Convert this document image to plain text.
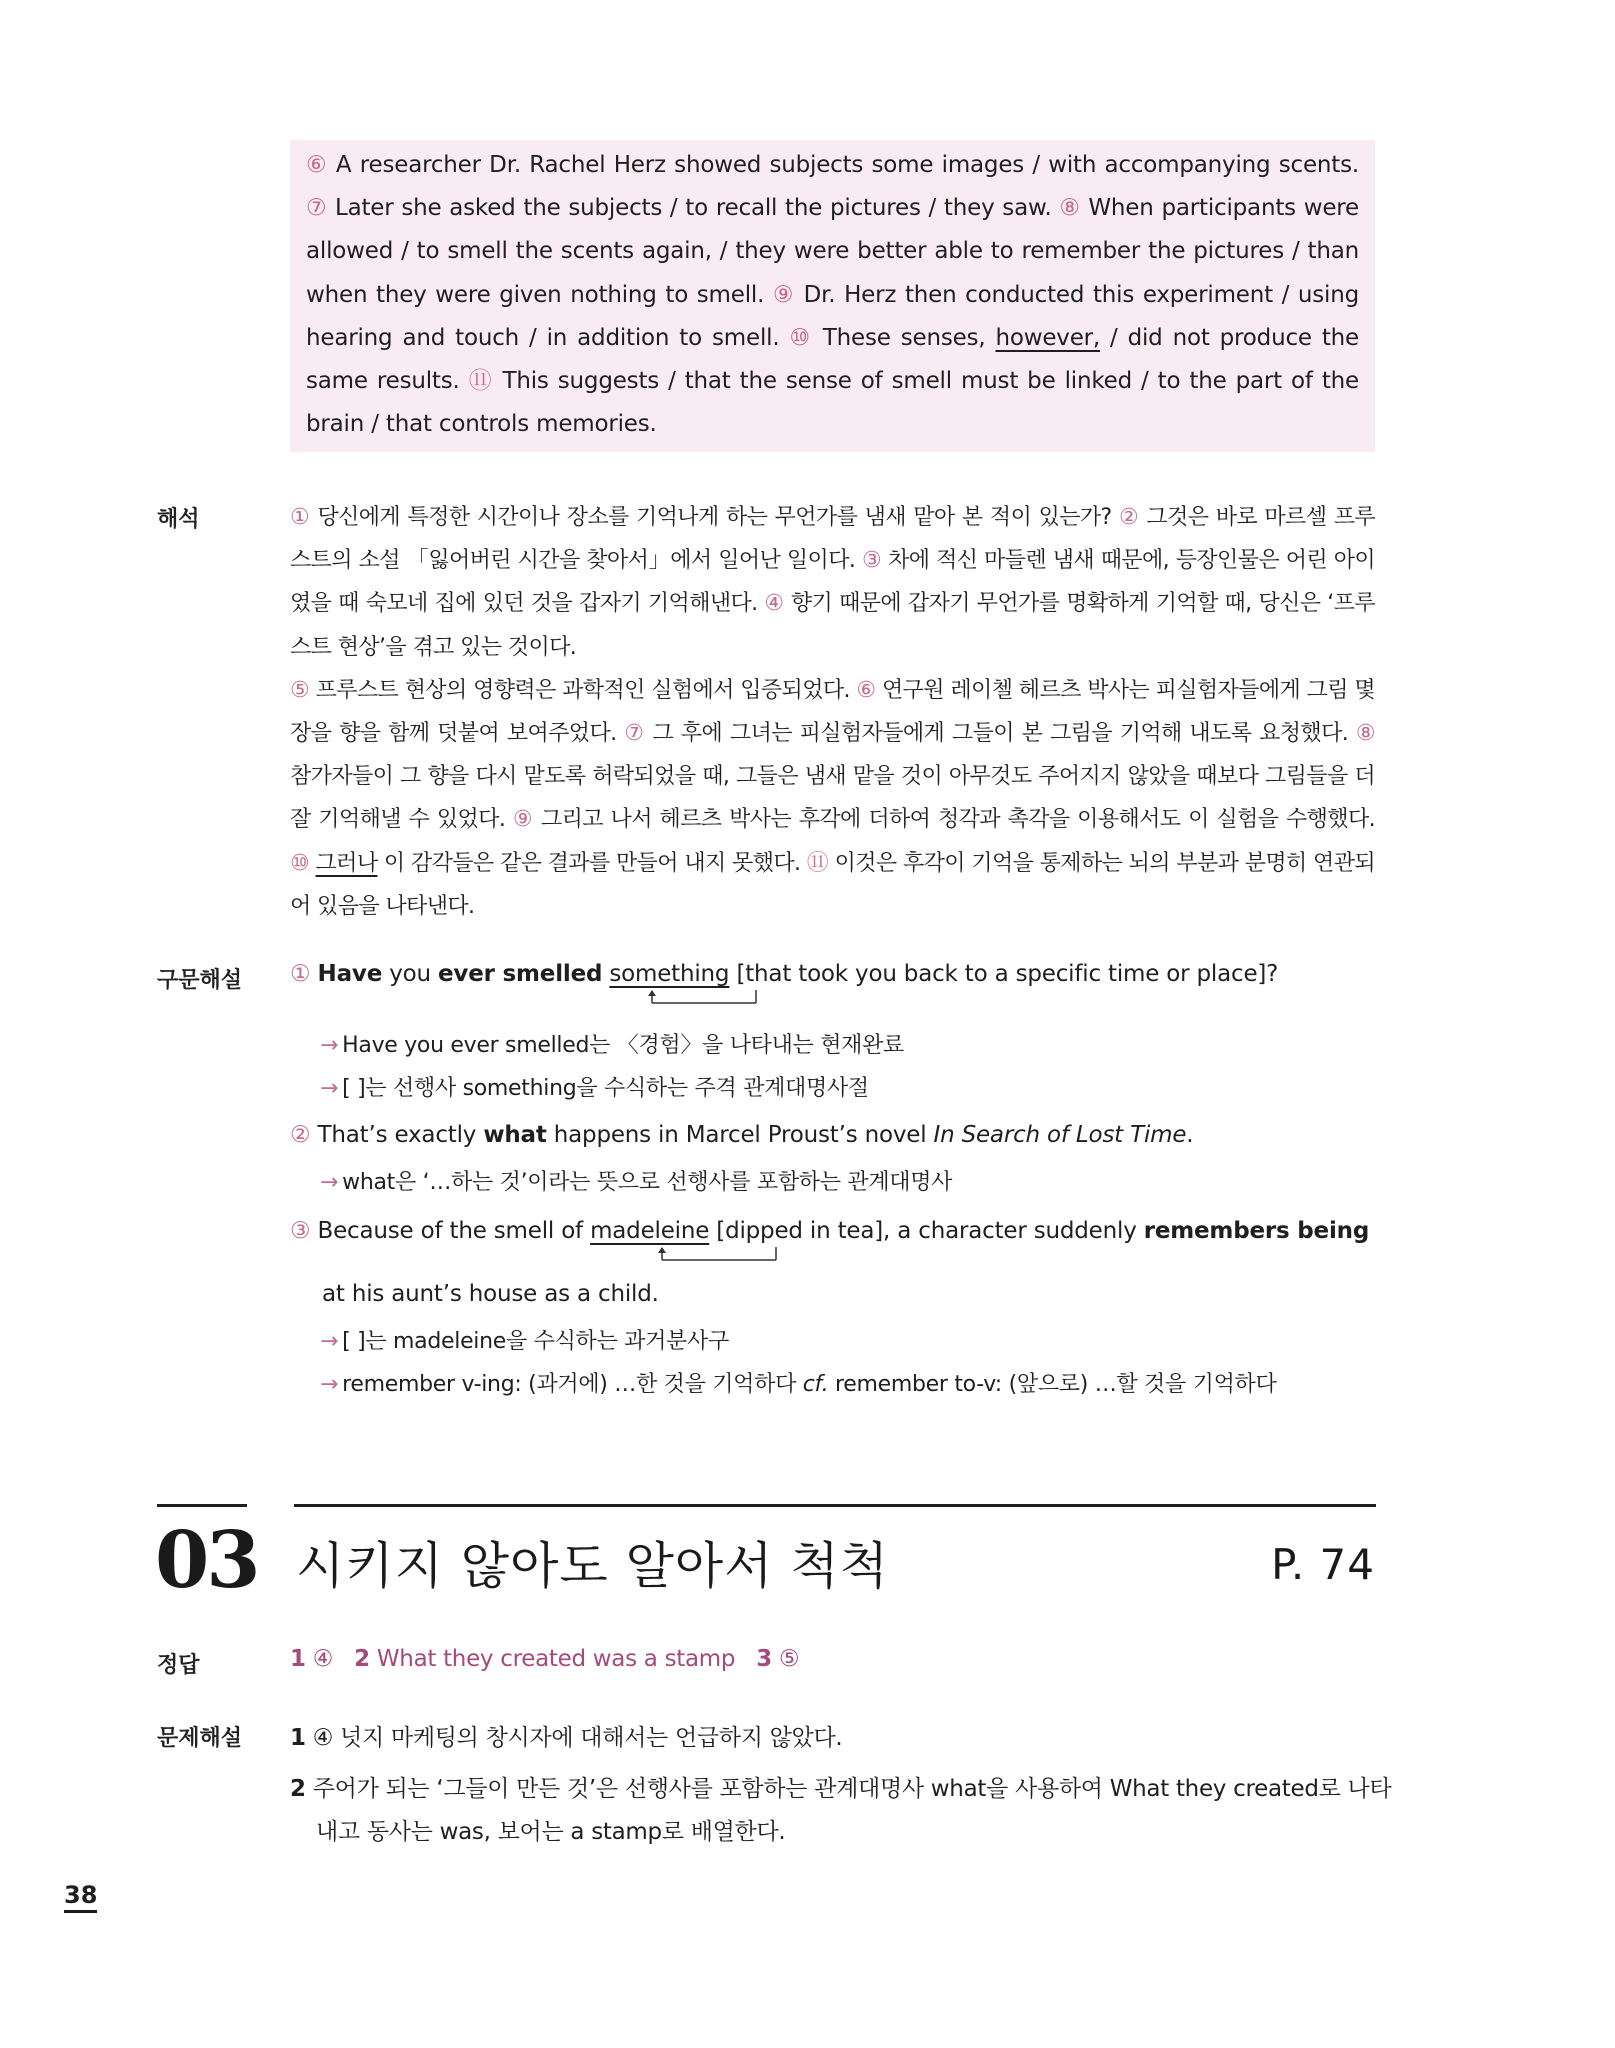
⑥ A researcher Dr. Rachel Herz showed subjects some images / with accompanying scents. ⑦ Later she asked the subjects / to recall the pictures / they saw. ⑧ When participants were allowed / to smell the scents again, / they were better able to remember the pictures / than when they were given nothing to smell. ⑨ Dr. Herz then conducted this experiment / using hearing and touch / in addition to smell. ⑩ These senses, however, / did not produce the same results. ⑪ This suggests / that the sense of smell must be linked / to the part of the brain / that controls memories.
해석	① 당신에게 특정한 시간이나 장소를 기억나게 하는 무언가를 냄새 맡아 본 적이 있는가? ② 그것은 바로 마르셀 프루스트의 소설 「잃어버린 시간을 찾아서」에서 일어난 일이다. ③ 차에 적신 마들렌 냄새 때문에, 등장인물은 어린 아이였을 때 숙모네 집에 있던 것을 갑자기 기억해낸다. ④ 향기 때문에 갑자기 무언가를 명확하게 기억할 때, 당신은 ‘프루스트 현상’을 겪고 있는 것이다.

⑤ 프루스트 현상의 영향력은 과학적인 실험에서 입증되었다. ⑥ 연구원 레이첼 헤르츠 박사는 피실험자들에게 그림 몇 장을 향을 함께 덧붙여 보여주었다. ⑦ 그 후에 그녀는 피실험자들에게 그들이 본 그림을 기억해 내도록 요청했다. ⑧ 참가자들이 그 향을 다시 맡도록 허락되었을 때, 그들은 냄새 맡을 것이 아무것도 주어지지 않았을 때보다 그림들을 더 잘 기억해낼 수 있었다. ⑨ 그리고 나서 헤르츠 박사는 후각에 더하여 청각과 촉각을 이용해서도 이 실험을 수행했다. ⑩ 그러나 이 감각들은 같은 결과를 만들어 내지 못했다. ⑪ 이것은 후각이 기억을 통제하는 뇌의 부분과 분명히 연관되어 있음을 나타낸다.

구문해설 ① Have you ever smelled something [that took you back to a specific time or place]?
→ Have you ever smelled는 〈경험〉을 나타내는 현재완료
→ [ ]는 선행사 something을 수식하는 주격 관계대명사절
② That’s exactly what happens in Marcel Proust’s novel In Search of Lost Time.
→ what은 ‘…하는 것’이라는 뜻으로 선행사를 포함하는 관계대명사
③ Because of the smell of madeleine [dipped in tea], a character suddenly remembers being
at his aunt’s house as a child.
→ [ ]는 madeleine을 수식하는 과거분사구
→ remember v-ing: (과거에) …한 것을 기억하다 cf. remember to-v: (앞으로) …할 것을 기억하다
03 시키지 않아도 알아서 척척	P. 74
정답	1 ④ 2 What they created was a stamp 3 ⑤
문제해설 1 ④ 넛지 마케팅의 창시자에 대해서는 언급하지 않았다.
2 주어가 되는 ‘그들이 만든 것’은 선행사를 포함하는 관계대명사 what을 사용하여 What they created로 나타
내고 동사는 was, 보어는 a stamp로 배열한다.
38
